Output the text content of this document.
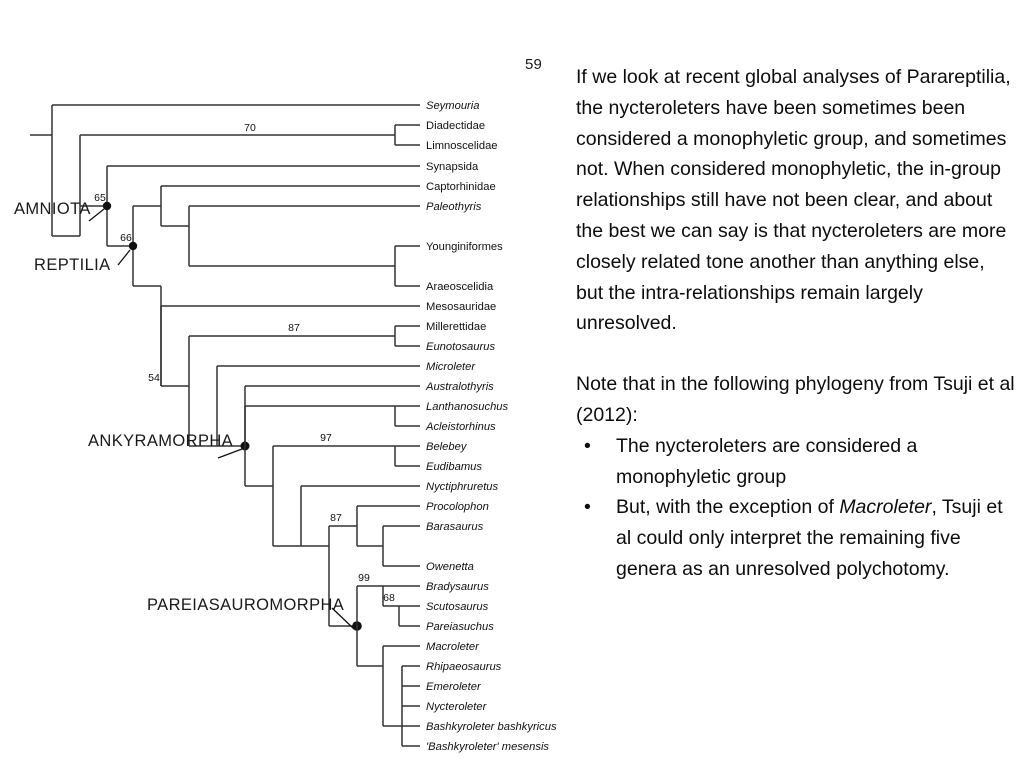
59
70
65
66
54
87
97
87
99
68
AMNIOTA
REPTILIA
ANKYRAMORPHA
PAREIASAUROMORPHA
Seymouria
Diadectidae
Limnoscelidae
Synapsida
Captorhinidae
Paleothyris
Younginiformes
Araeoscelidia
Mesosauridae
Millerettidae
Eunotosaurus
Microleter
Australothyris
Lanthanosuchus
Acleistorhinus
Belebey
Eudibamus
Nyctiphruretus
Procolophon
Barasaurus
Owenetta
Bradysaurus
Scutosaurus
Pareiasuchus
Macroleter
Rhipaeosaurus
Emeroleter
Nycteroleter
Bashkyroleter bashkyricus
'Bashkyroleter' mesensis

If we look at recent global analyses of Parareptilia, the nycteroleters have been sometimes been considered a monophyletic group, and sometimes not. When considered monophyletic, the in-group relationships still have not been clear, and about the best we can say is that nycteroleters are more closely related tone another than anything else, but the intra-relationships remain largely unresolved.

Note that in the following phylogeny from Tsuji et al (2012):

• The nycteroleters are considered a monophyletic group
• But, with the exception of Macroleter, Tsuji et al could only interpret the remaining five genera as an unresolved polychotomy.
